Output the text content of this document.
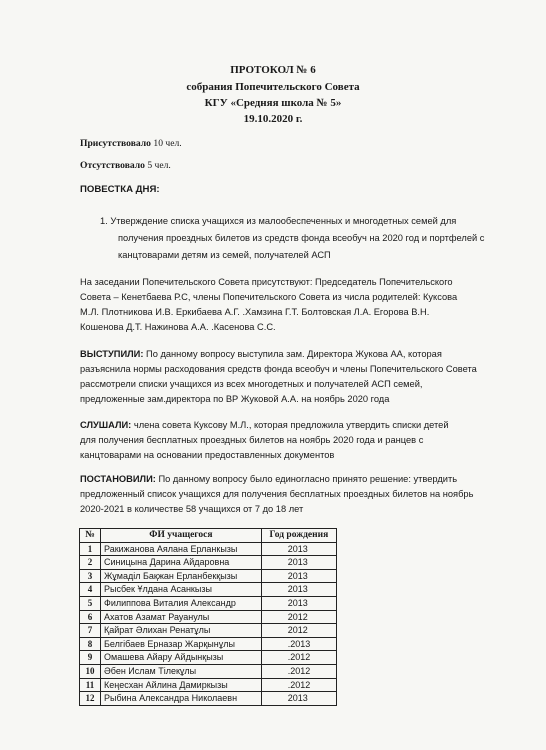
ПРОТОКОЛ № 6
собрания Попечительского Совета
КГУ «Средняя школа № 5»
19.10.2020 г.
Присутствовало 10 чел.
Отсутствовало 5 чел.
ПОВЕСТКА ДНЯ:
1. Утверждение списка учащихся из малообеспеченных и многодетных семей для
получения проездных билетов из средств фонда всеобуч на 2020 год и портфелей с
канцтоварами детям из семей, получателей АСП
На заседании Попечительского Совета присутствуют: Председатель Попечительского
Совета – Кенетбаева Р.С, члены Попечительского Совета из числа родителей: Куксова
М.Л. Плотникова И.В. Еркибаева А.Г. .Хамзина Г.Т. Болтовская Л.А. Егорова В.Н.
Кошенова Д.Т. Нажинова А.А. .Касенова С.С.
ВЫСТУПИЛИ: По данному вопросу выступила зам. Директора Жукова АА, которая
разъяснила нормы расходования средств фонда всеобуч и члены Попечительского Совета
рассмотрели списки учащихся из всех многодетных и получателей АСП семей,
предложенные зам.директора по ВР Жуковой А.А. на ноябрь 2020 года
СЛУШАЛИ: члена совета Куксову М.Л., которая предложила утвердить списки детей
для получения бесплатных проездных билетов на ноябрь 2020 года и ранцев с
канцтоварами на основании предоставленных документов
ПОСТАНОВИЛИ: По данному вопросу было единогласно принято решение: утвердить
предложенный список учащихся для получения бесплатных проездных билетов на ноябрь
2020-2021 в количестве 58 учащихся от 7 до 18 лет
№	ФИ учащегося	Год рождения
1	Ракижанова Аялана Ерланкызы	2013
2	Синицына Дарина Айдаровна	2013
3	Жұмаділ Бақжан Ерланбекқызы	2013
4	Рысбек Ұлдана Асанкызы	2013
5	Филиппова Виталия Александр	2013
6	Ахатов Азамат Рауанулы	2012
7	Қайрат Әлихан Ренатұлы	2012
8	Белгібаев Ерназар Жарқынұлы	.2013
9	Омашева Айару Айдынқызы	.2012
10	Әбен Ислам Тілекұлы	.2012
11	Кеңесхан Айлина Дамиркызы	.2012
12	Рыбина Александра Николаевн	2013
